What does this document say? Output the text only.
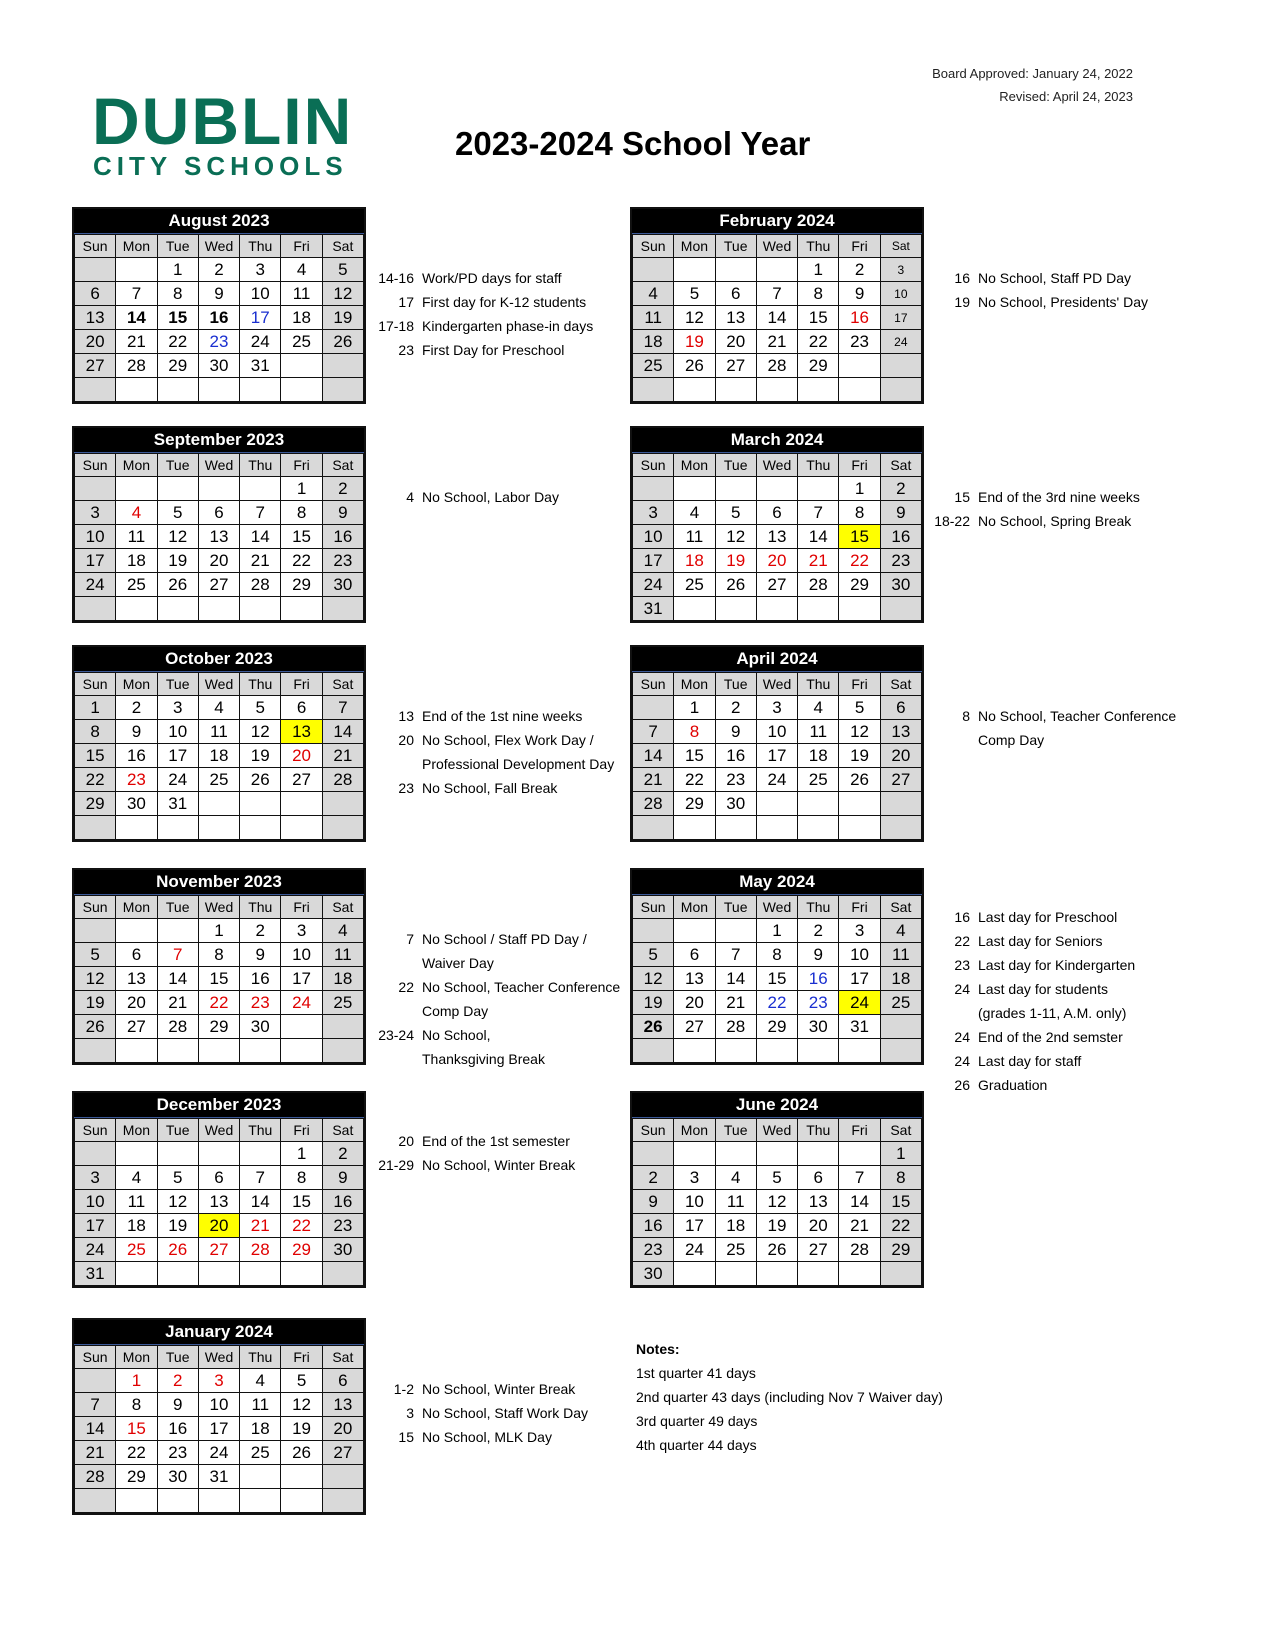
Board Approved: January 24, 2022
Revised: April 24, 2023
DUBLIN
CITY SCHOOLS
2023-2024 School Year
August 2023
Sun	Mon	Tue	Wed	Thu	Fri	Sat
		1	2	3	4	5
6	7	8	9	10	11	12
13	14	15	16	17	18	19
20	21	22	23	24	25	26
27	28	29	30	31		

September 2023
Sun	Mon	Tue	Wed	Thu	Fri	Sat
					1	2
3	4	5	6	7	8	9
10	11	12	13	14	15	16
17	18	19	20	21	22	23
24	25	26	27	28	29	30

October 2023
Sun	Mon	Tue	Wed	Thu	Fri	Sat
1	2	3	4	5	6	7
8	9	10	11	12	13	14
15	16	17	18	19	20	21
22	23	24	25	26	27	28
29	30	31				

November 2023
Sun	Mon	Tue	Wed	Thu	Fri	Sat
			1	2	3	4
5	6	7	8	9	10	11
12	13	14	15	16	17	18
19	20	21	22	23	24	25
26	27	28	29	30		

December 2023
Sun	Mon	Tue	Wed	Thu	Fri	Sat
					1	2
3	4	5	6	7	8	9
10	11	12	13	14	15	16
17	18	19	20	21	22	23
24	25	26	27	28	29	30
31						
January 2024
Sun	Mon	Tue	Wed	Thu	Fri	Sat
	1	2	3	4	5	6
7	8	9	10	11	12	13
14	15	16	17	18	19	20
21	22	23	24	25	26	27
28	29	30	31			

February 2024
Sun	Mon	Tue	Wed	Thu	Fri	Sat
				1	2	3
4	5	6	7	8	9	10
11	12	13	14	15	16	17
18	19	20	21	22	23	24
25	26	27	28	29		

March 2024
Sun	Mon	Tue	Wed	Thu	Fri	Sat
					1	2
3	4	5	6	7	8	9
10	11	12	13	14	15	16
17	18	19	20	21	22	23
24	25	26	27	28	29	30
31						
April 2024
Sun	Mon	Tue	Wed	Thu	Fri	Sat
	1	2	3	4	5	6
7	8	9	10	11	12	13
14	15	16	17	18	19	20
21	22	23	24	25	26	27
28	29	30				

May 2024
Sun	Mon	Tue	Wed	Thu	Fri	Sat
			1	2	3	4
5	6	7	8	9	10	11
12	13	14	15	16	17	18
19	20	21	22	23	24	25
26	27	28	29	30	31	

June 2024
Sun	Mon	Tue	Wed	Thu	Fri	Sat
						1
2	3	4	5	6	7	8
9	10	11	12	13	14	15
16	17	18	19	20	21	22
23	24	25	26	27	28	29
30						
14-16 Work/PD days for staff
17 First day for K-12 students
17-18 Kindergarten phase-in days
23 First Day for Preschool
4 No School, Labor Day
13 End of the 1st nine weeks
20 No School, Flex Work Day /
Professional Development Day
23 No School, Fall Break
7 No School / Staff PD Day /
Waiver Day
22 No School, Teacher Conference
Comp Day
23-24 No School,
Thanksgiving Break
20 End of the 1st semester
21-29 No School, Winter Break
1-2 No School, Winter Break
3 No School, Staff Work Day
15 No School, MLK Day
16 No School, Staff PD Day
19 No School, Presidents' Day
15 End of the 3rd nine weeks
18-22 No School, Spring Break
8 No School, Teacher Conference
Comp Day
16 Last day for Preschool
22 Last day for Seniors
23 Last day for Kindergarten
24 Last day for students
(grades 1-11, A.M. only)
24 End of the 2nd semster
24 Last day for staff
26 Graduation
Notes:
1st quarter 41 days
2nd quarter 43 days (including Nov 7 Waiver day)
3rd quarter 49 days
4th quarter 44 days
